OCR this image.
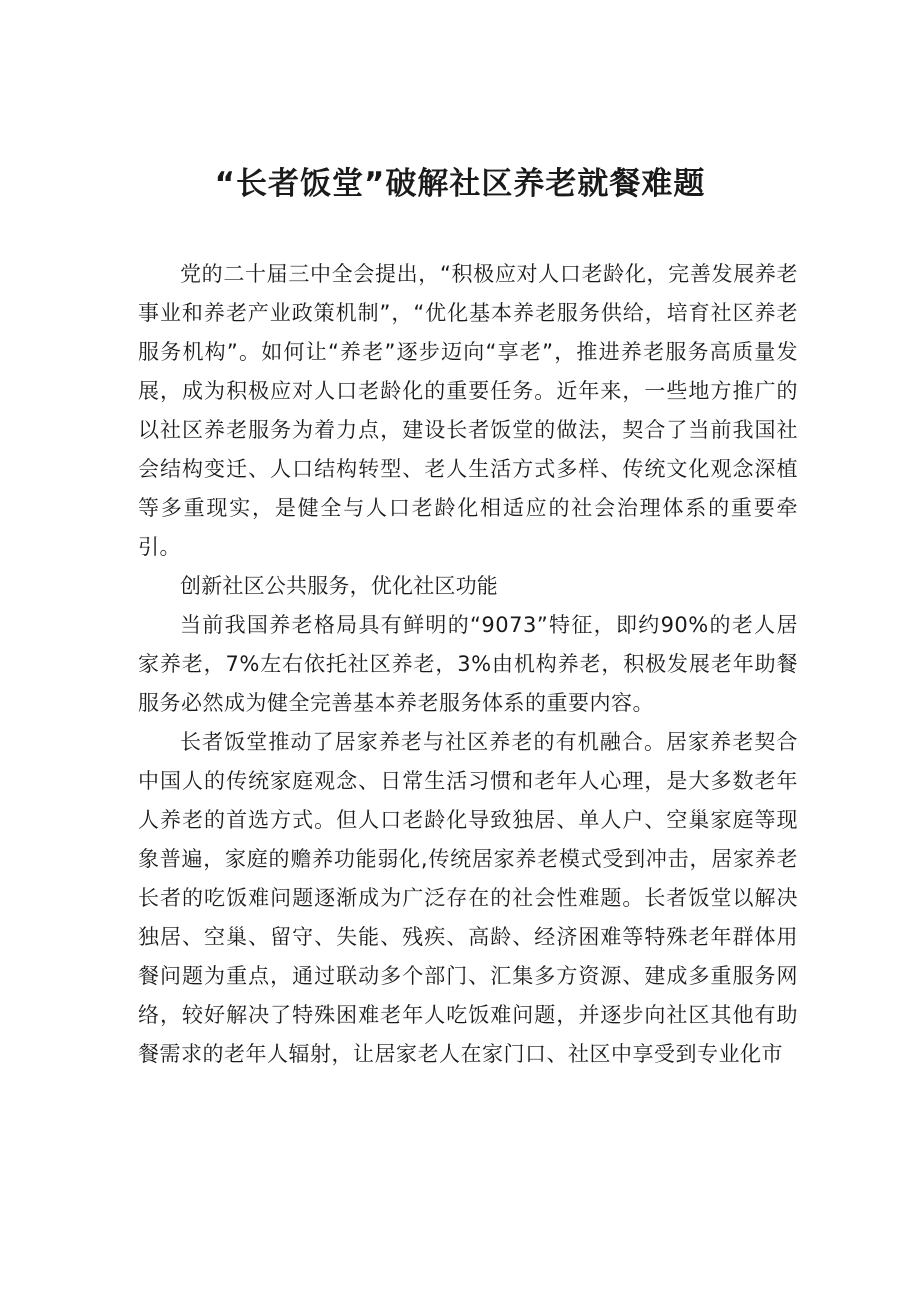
“长者饭堂”破解社区养老就餐难题

党的二十届三中全会提出，“积极应对人口老龄化，完善发展养老事业和养老产业政策机制”，“优化基本养老服务供给，培育社区养老服务机构”。如何让“养老”逐步迈向“享老”，推进养老服务高质量发展，成为积极应对人口老龄化的重要任务。近年来，一些地方推广的以社区养老服务为着力点，建设长者饭堂的做法，契合了当前我国社会结构变迁、人口结构转型、老人生活方式多样、传统文化观念深植等多重现实，是健全与人口老龄化相适应的社会治理体系的重要牵引。

创新社区公共服务，优化社区功能

当前我国养老格局具有鲜明的“9073”特征，即约90%的老人居家养老，7%左右依托社区养老，3%由机构养老，积极发展老年助餐服务必然成为健全完善基本养老服务体系的重要内容。

长者饭堂推动了居家养老与社区养老的有机融合。居家养老契合中国人的传统家庭观念、日常生活习惯和老年人心理，是大多数老年人养老的首选方式。但人口老龄化导致独居、单人户、空巢家庭等现象普遍，家庭的赡养功能弱化,传统居家养老模式受到冲击，居家养老长者的吃饭难问题逐渐成为广泛存在的社会性难题。长者饭堂以解决独居、空巢、留守、失能、残疾、高龄、经济困难等特殊老年群体用餐问题为重点，通过联动多个部门、汇集多方资源、建成多重服务网络，较好解决了特殊困难老年人吃饭难问题，并逐步向社区其他有助餐需求的老年人辐射，让居家老人在家门口、社区中享受到专业化市
